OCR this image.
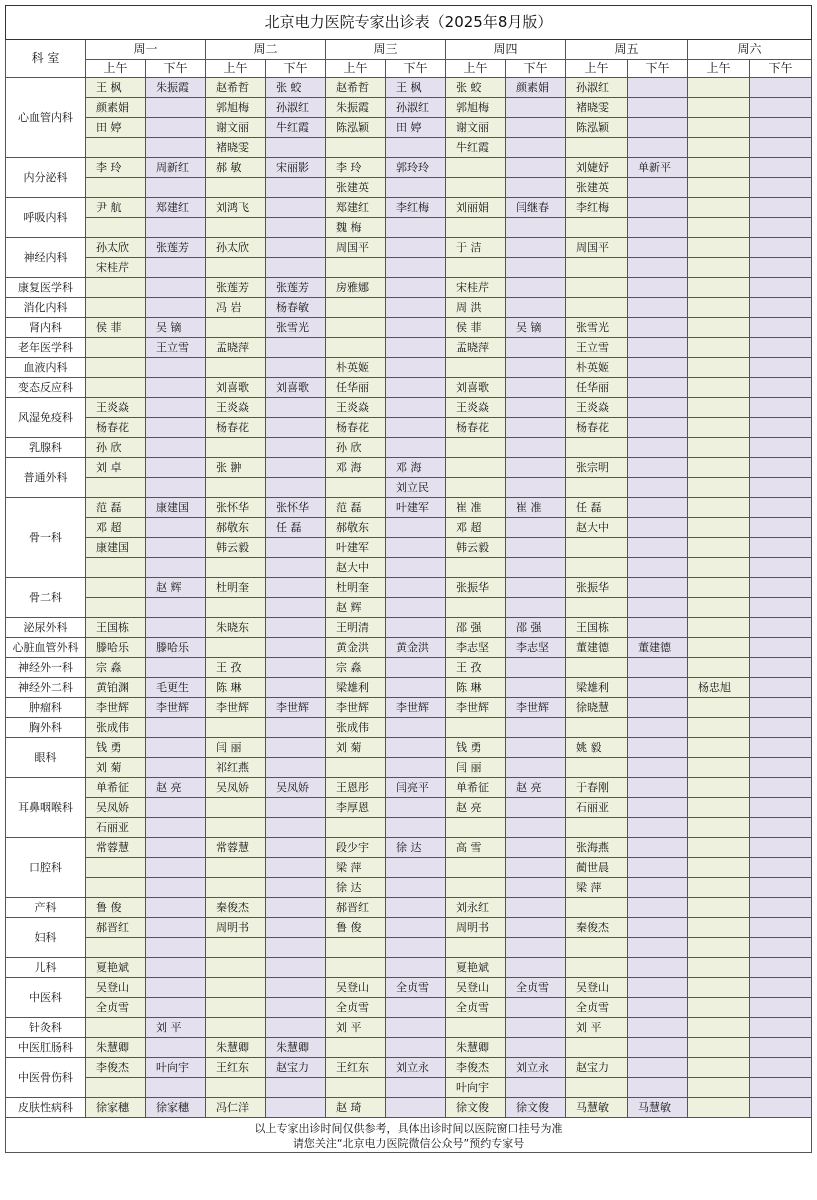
北京电力医院专家出诊表（2025年8月版）												
科 室	周一		周二		周三		周四		周五		周六	
	上午	下午	上午	下午	上午	下午	上午	下午	上午	下午	上午	下午
心血管内科	王 枫	朱振霞	赵希哲	张 蛟	赵希哲	王 枫	张 蛟	颜素娟	孙淑红			
	颜素娟		郭旭梅	孙淑红	朱振霞	孙淑红	郭旭梅		褚晓雯			
	田 婷		谢文丽	牛红霞	陈泓颖	田 婷	谢文丽		陈泓颖			
			褚晓雯				牛红霞					
内分泌科	李 玲	周新红	郝 敏	宋丽影	李 玲	郭玲玲			刘婕妤	单新平		
					张建英				张建英			
呼吸内科	尹 航	郑建红	刘鸿飞		郑建红	李红梅	刘丽娟	闫继春	李红梅			
					魏 梅							
神经内科	孙太欣	张莲芳	孙太欣		周国平		于 洁		周国平			
	宋桂芹											
康复医学科			张莲芳	张莲芳	房雅娜		宋桂芹					
消化内科			冯 岩	杨春敏			周 洪					
肾内科	侯 菲	吴 镝		张雪光			侯 菲	吴 镝	张雪光			
老年医学科		王立雪	孟晓萍				孟晓萍		王立雪			
血液内科					朴英姬				朴英姬			
变态反应科			刘喜歌	刘喜歌	任华丽		刘喜歌		任华丽			
风湿免疫科	王炎焱		王炎焱		王炎焱		王炎焱		王炎焱			
	杨春花		杨春花		杨春花		杨春花		杨春花			
乳腺科	孙 欣				孙 欣							
普通外科	刘 卓		张 翀		邓 海	邓 海			张宗明			
						刘立民						
骨一科	范 磊	康建国	张怀华	张怀华	范 磊	叶建军	崔 准	崔 准	任 磊			
	邓 超		郝敬东	任 磊	郝敬东		邓 超		赵大中			
	康建国		韩云毅		叶建军		韩云毅					
					赵大中							
骨二科		赵 辉	杜明奎		杜明奎		张振华		张振华			
					赵 辉							
泌尿外科	王国栋		朱晓东		王明清		邵 强	邵 强	王国栋			
心脏血管外科	滕哈乐	滕哈乐			黄金洪	黄金洪	李志坚	李志坚	董建德	董建德		
神经外一科	宗 淼		王 孜		宗 淼		王 孜					
神经外二科	黄铂渊	毛更生	陈 琳		梁雄利		陈 琳		梁雄利		杨忠旭	
肿瘤科	李世辉	李世辉	李世辉	李世辉	李世辉	李世辉	李世辉	李世辉	徐晓慧			
胸外科	张成伟				张成伟							
眼科	钱 勇		闫 丽		刘 菊		钱 勇		姚 毅			
	刘 菊		祁红燕				闫 丽					
耳鼻咽喉科	单希征	赵 亮	吴凤娇	吴凤娇	王恩彤	闫亮平	单希征	赵 亮	于春刚			
	吴凤娇				李厚恩		赵 亮		石丽亚			
	石丽亚											
口腔科	常蓉慧		常蓉慧		段少宇	徐 达	高 雪		张海燕			
					梁 萍				蔺世晨			
					徐 达				梁 萍			
产科	鲁 俊		秦俊杰		郝晋红		刘永红					
妇科	郝晋红		周明书		鲁 俊		周明书		秦俊杰			

儿科	夏艳斌						夏艳斌					
中医科	吴登山				吴登山	全贞雪	吴登山	全贞雪	吴登山			
	全贞雪				全贞雪		全贞雪		全贞雪			
针灸科		刘 平			刘 平				刘 平			
中医肛肠科	朱慧卿		朱慧卿	朱慧卿			朱慧卿					
中医骨伤科	李俊杰	叶向宇	王红东	赵宝力	王红东	刘立永	李俊杰	刘立永	赵宝力			
							叶向宇					
皮肤性病科	徐家穗	徐家穗	冯仁洋		赵 琦		徐文俊	徐文俊	马慧敏	马慧敏		

以上专家出诊时间仅供参考，具体出诊时间以医院窗口挂号为准
请您关注“北京电力医院微信公众号”预约专家号												
